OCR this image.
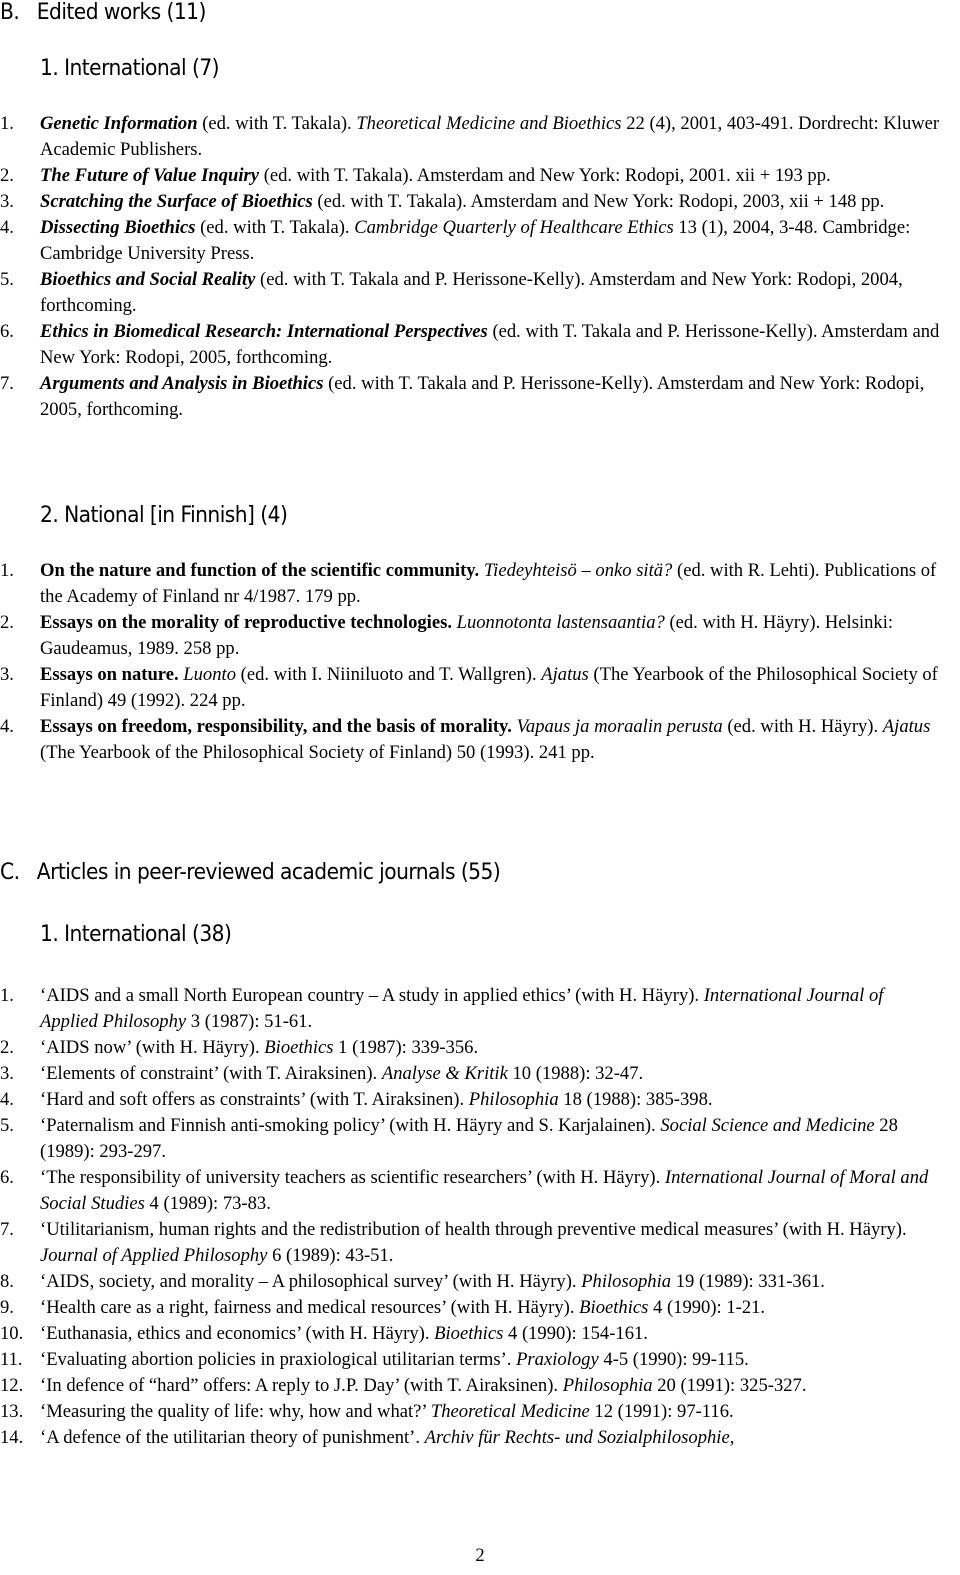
B. Edited works (11)
1. International (7)
1. Genetic Information (ed. with T. Takala). Theoretical Medicine and Bioethics 22 (4), 2001, 403-491. Dordrecht: Kluwer Academic Publishers.
2. The Future of Value Inquiry (ed. with T. Takala). Amsterdam and New York: Rodopi, 2001. xii + 193 pp.
3. Scratching the Surface of Bioethics (ed. with T. Takala). Amsterdam and New York: Rodopi, 2003, xii + 148 pp.
4. Dissecting Bioethics (ed. with T. Takala). Cambridge Quarterly of Healthcare Ethics 13 (1), 2004, 3-48. Cambridge: Cambridge University Press.
5. Bioethics and Social Reality (ed. with T. Takala and P. Herissone-Kelly). Amsterdam and New York: Rodopi, 2004, forthcoming.
6. Ethics in Biomedical Research: International Perspectives (ed. with T. Takala and P. Herissone-Kelly). Amsterdam and New York: Rodopi, 2005, forthcoming.
7. Arguments and Analysis in Bioethics (ed. with T. Takala and P. Herissone-Kelly). Amsterdam and New York: Rodopi, 2005, forthcoming.
2. National [in Finnish] (4)
1. On the nature and function of the scientific community. Tiedeyhteisö – onko sitä? (ed. with R. Lehti). Publications of the Academy of Finland nr 4/1987. 179 pp.
2. Essays on the morality of reproductive technologies. Luonnotonta lastensaantia? (ed. with H. Häyry). Helsinki: Gaudeamus, 1989. 258 pp.
3. Essays on nature. Luonto (ed. with I. Niiniluoto and T. Wallgren). Ajatus (The Yearbook of the Philosophical Society of Finland) 49 (1992). 224 pp.
4. Essays on freedom, responsibility, and the basis of morality. Vapaus ja moraalin perusta (ed. with H. Häyry). Ajatus (The Yearbook of the Philosophical Society of Finland) 50 (1993). 241 pp.
C. Articles in peer-reviewed academic journals (55)
1. International (38)
1. ‘AIDS and a small North European country – A study in applied ethics’ (with H. Häyry). International Journal of Applied Philosophy 3 (1987): 51-61.
2. ‘AIDS now’ (with H. Häyry). Bioethics 1 (1987): 339-356.
3. ‘Elements of constraint’ (with T. Airaksinen). Analyse & Kritik 10 (1988): 32-47.
4. ‘Hard and soft offers as constraints’ (with T. Airaksinen). Philosophia 18 (1988): 385-398.
5. ‘Paternalism and Finnish anti-smoking policy’ (with H. Häyry and S. Karjalainen). Social Science and Medicine 28 (1989): 293-297.
6. ‘The responsibility of university teachers as scientific researchers’ (with H. Häyry). International Journal of Moral and Social Studies 4 (1989): 73-83.
7. ‘Utilitarianism, human rights and the redistribution of health through preventive medical measures’ (with H. Häyry). Journal of Applied Philosophy 6 (1989): 43-51.
8. ‘AIDS, society, and morality – A philosophical survey’ (with H. Häyry). Philosophia 19 (1989): 331-361.
9. ‘Health care as a right, fairness and medical resources’ (with H. Häyry). Bioethics 4 (1990): 1-21.
10. ‘Euthanasia, ethics and economics’ (with H. Häyry). Bioethics 4 (1990): 154-161.
11. ‘Evaluating abortion policies in praxiological utilitarian terms’. Praxiology 4-5 (1990): 99-115.
12. ‘In defence of “hard” offers: A reply to J.P. Day’ (with T. Airaksinen). Philosophia 20 (1991): 325-327.
13. ‘Measuring the quality of life: why, how and what?’ Theoretical Medicine 12 (1991): 97-116.
14. ‘A defence of the utilitarian theory of punishment’. Archiv für Rechts- und Sozialphilosophie,
2
